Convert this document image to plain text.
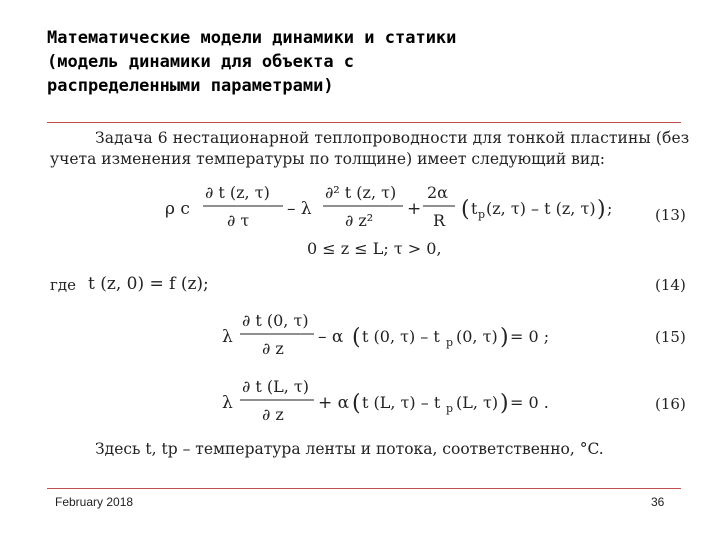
Математические модели динамики и статики
(модель динамики для объекта с
распределенными параметрами)
Задача 6 нестационарной теплопроводности для тонкой пластины (без
учета изменения температуры по толщине) имеет следующий вид:
ρ c
∂ t (z, τ)
∂ τ
– λ
∂² t (z, τ)
∂ z²
+
2α
R ( t p (z, τ) – t (z, τ) ) ;
0 ≤ z ≤ L; τ > 0,
(13)
где t (z, 0) = f (z);	(14)
λ
∂ t (0, τ)
∂ z
– α ( t (0, τ) – t p (0, τ) ) = 0 ;	(15)
λ
∂ t (L, τ)
∂ z
+ α ( t (L, τ) – t p (L, τ) ) = 0 .	(16)
Здесь t, tp – температура ленты и потока, соответственно, °C.
February 2018	36
